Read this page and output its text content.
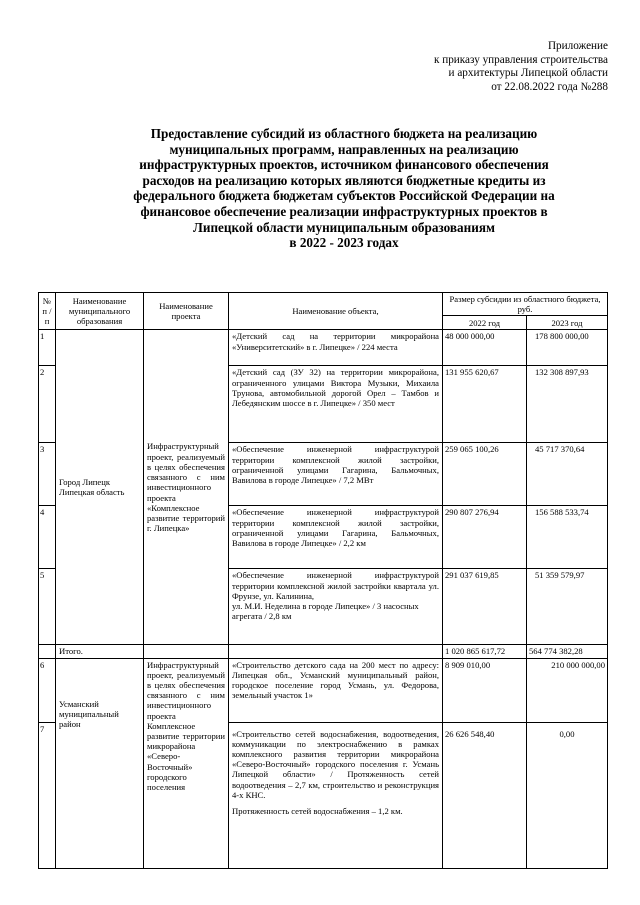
Приложение
к приказу управления строительства
и архитектуры Липецкой области
от 22.08.2022 года №288
Предоставление субсидий из областного бюджета на реализацию
муниципальных программ, направленных на реализацию
инфраструктурных проектов, источником финансового обеспечения
расходов на реализацию которых являются бюджетные кредиты из
федерального бюджета бюджетам субъектов Российской Федерации на
финансовое обеспечение реализации инфраструктурных проектов в
Липецкой области муниципальным образованиям
в 2022 - 2023 годах
№ п / п	Наименование муниципального образования	Наименование проекта	Наименование объекта,	Размер субсидии из областного бюджета, руб.	
				2022 год	2023 год
1	Город Липецк Липецкая область	Инфраструктурный проект, реализуемый в целях обеспечения связанного с ним инвестиционного проекта «Комплексное развитие территорий г. Липецка»	«Детский сад на территории микрорайона «Университетский» в г. Липецке» / 224 места	48 000 000,00	178 800 000,00
2			«Детский сад (ЗУ 32) на территории микрорайона, ограниченного улицами Виктора Музыки, Михаила Трунова, автомобильной дорогой Орел – Тамбов и Лебедянским шоссе в г. Липецке» / 350 мест	131 955 620,67	132 308 897,93
3			«Обеспечение инженерной инфраструктурой территории комплексной жилой застройки, ограниченной улицами Гагарина, Бальмочных, Вавилова в городе Липецке» / 7,2 МВт	259 065 100,26	45 717 370,64
4			«Обеспечение инженерной инфраструктурой территории комплексной жилой застройки, ограниченной улицами Гагарина, Бальмочных, Вавилова в городе Липецке» / 2,2 км	290 807 276,94	156 588 533,74
5			«Обеспечение инженерной инфраструктурой территории комплексной жилой застройки квартала ул. Фрунзе, ул. Калинина,
ул. М.И. Неделина в городе Липецке» / 3 насосных агрегата / 2,8 км	291 037 619,85	51 359 579,97
	Итого.			1 020 865 617,72	564 774 382,28
6	Усманский муниципальный район	Инфраструктурный проект, реализуемый в целях обеспечения связанного с ним инвестиционного проекта Комплексное развитие территории микрорайона «Северо-Восточный» городского поселения	«Строительство детского сада на 200 мест по адресу: Липецкая обл., Усманский муниципальный район, городское поселение город Усмань, ул. Федорова, земельный участок 1»	8 909 010,00	210 000 000,00
7			«Строительство сетей водоснабжения, водоотведения, коммуникации по электроснабжению в рамках комплексного развития территории микрорайона «Северо-Восточный» городского поселения г. Усмань Липецкой области» / Протяженность сетей водоотведения – 2,7 км, строительство и реконструкция 4-х КНС.
Протяженность сетей водоснабжения – 1,2 км.	26 626 548,40	0,00
